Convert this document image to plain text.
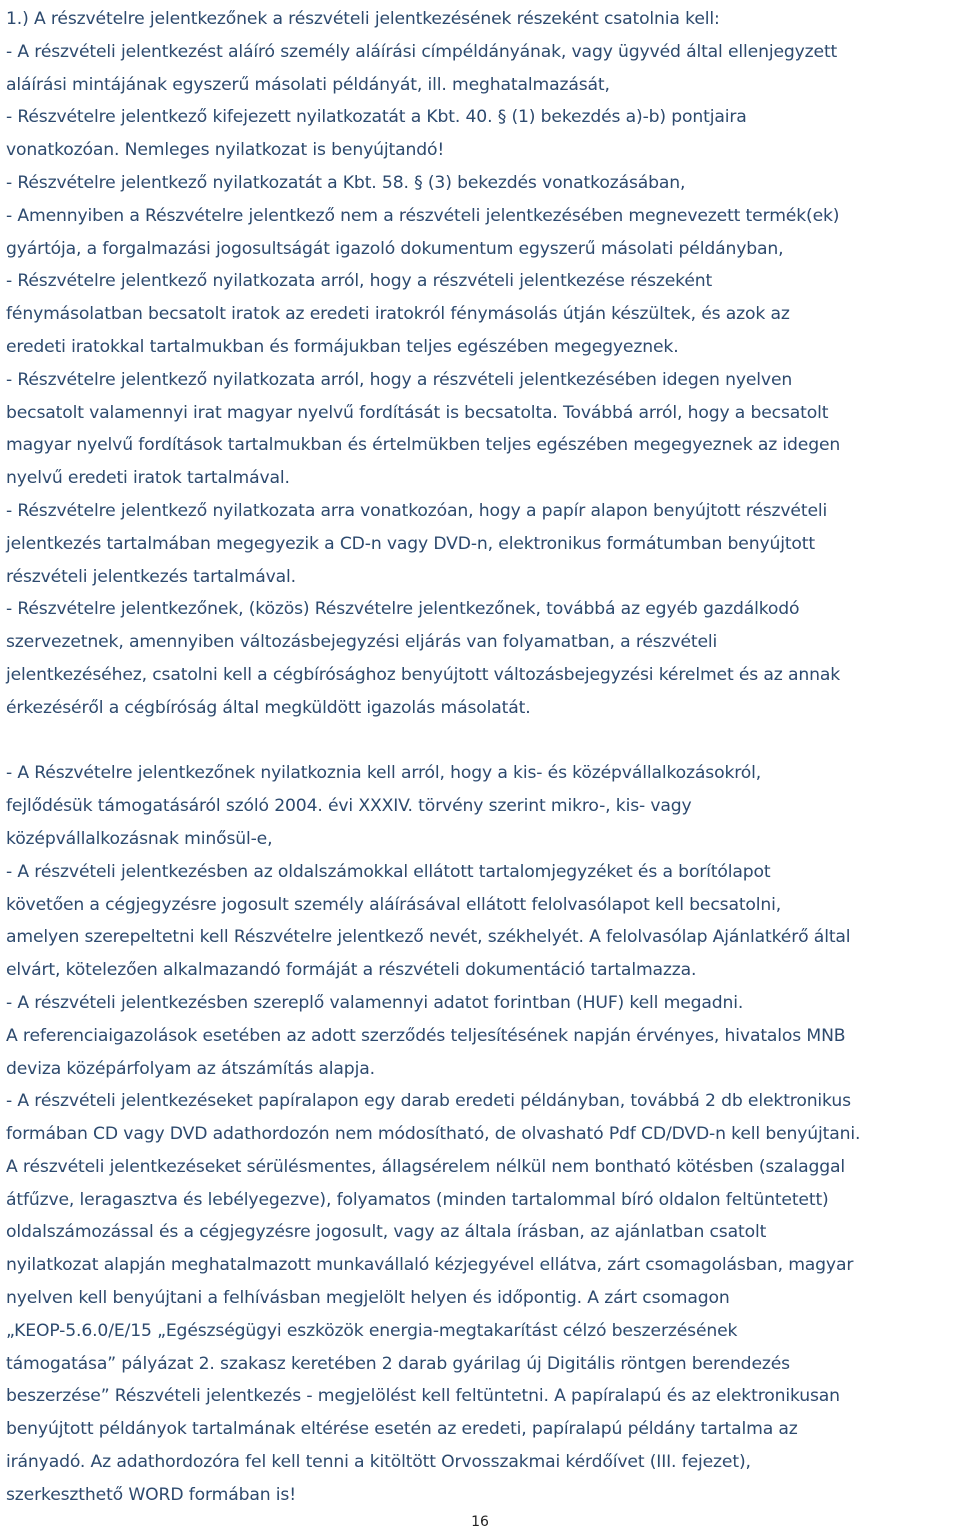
1.) A részvételre jelentkezőnek a részvételi jelentkezésének részeként csatolnia kell:
- A részvételi jelentkezést aláíró személy aláírási címpéldányának, vagy ügyvéd által ellenjegyzett
aláírási mintájának egyszerű másolati példányát, ill. meghatalmazását,
- Részvételre jelentkező kifejezett nyilatkozatát a Kbt. 40. § (1) bekezdés a)-b) pontjaira
vonatkozóan. Nemleges nyilatkozat is benyújtandó!
- Részvételre jelentkező nyilatkozatát a Kbt. 58. § (3) bekezdés vonatkozásában,
- Amennyiben a Részvételre jelentkező nem a részvételi jelentkezésében megnevezett termék(ek)
gyártója, a forgalmazási jogosultságát igazoló dokumentum egyszerű másolati példányban,
- Részvételre jelentkező nyilatkozata arról, hogy a részvételi jelentkezése részeként
fénymásolatban becsatolt iratok az eredeti iratokról fénymásolás útján készültek, és azok az
eredeti iratokkal tartalmukban és formájukban teljes egészében megegyeznek.
- Részvételre jelentkező nyilatkozata arról, hogy a részvételi jelentkezésében idegen nyelven
becsatolt valamennyi irat magyar nyelvű fordítását is becsatolta. Továbbá arról, hogy a becsatolt
magyar nyelvű fordítások tartalmukban és értelmükben teljes egészében megegyeznek az idegen
nyelvű eredeti iratok tartalmával.
- Részvételre jelentkező nyilatkozata arra vonatkozóan, hogy a papír alapon benyújtott részvételi
jelentkezés tartalmában megegyezik a CD-n vagy DVD-n, elektronikus formátumban benyújtott
részvételi jelentkezés tartalmával.
- Részvételre jelentkezőnek, (közös) Részvételre jelentkezőnek, továbbá az egyéb gazdálkodó
szervezetnek, amennyiben változásbejegyzési eljárás van folyamatban, a részvételi
jelentkezéséhez, csatolni kell a cégbírósághoz benyújtott változásbejegyzési kérelmet és az annak
érkezéséről a cégbíróság által megküldött igazolás másolatát.
- A Részvételre jelentkezőnek nyilatkoznia kell arról, hogy a kis- és középvállalkozásokról,
fejlődésük támogatásáról szóló 2004. évi XXXIV. törvény szerint mikro-, kis- vagy
középvállalkozásnak minősül-e,
- A részvételi jelentkezésben az oldalszámokkal ellátott tartalomjegyzéket és a borítólapot
követően a cégjegyzésre jogosult személy aláírásával ellátott felolvasólapot kell becsatolni,
amelyen szerepeltetni kell Részvételre jelentkező nevét, székhelyét. A felolvasólap Ajánlatkérő által
elvárt, kötelezően alkalmazandó formáját a részvételi dokumentáció tartalmazza.
- A részvételi jelentkezésben szereplő valamennyi adatot forintban (HUF) kell megadni.
A referenciaigazolások esetében az adott szerződés teljesítésének napján érvényes, hivatalos MNB
deviza középárfolyam az átszámítás alapja.
- A részvételi jelentkezéseket papíralapon egy darab eredeti példányban, továbbá 2 db elektronikus
formában CD vagy DVD adathordozón nem módosítható, de olvasható Pdf CD/DVD-n kell benyújtani.
A részvételi jelentkezéseket sérülésmentes, állagsérelem nélkül nem bontható kötésben (szalaggal
átfűzve, leragasztva és lebélyegezve), folyamatos (minden tartalommal bíró oldalon feltüntetett)
oldalszámozással és a cégjegyzésre jogosult, vagy az általa írásban, az ajánlatban csatolt
nyilatkozat alapján meghatalmazott munkavállaló kézjegyével ellátva, zárt csomagolásban, magyar
nyelven kell benyújtani a felhívásban megjelölt helyen és időpontig. A zárt csomagon
„KEOP-5.6.0/E/15 „Egészségügyi eszközök energia-megtakarítást célzó beszerzésének
támogatása” pályázat 2. szakasz keretében 2 darab gyárilag új Digitális röntgen berendezés
beszerzése” Részvételi jelentkezés - megjelölést kell feltüntetni. A papíralapú és az elektronikusan
benyújtott példányok tartalmának eltérése esetén az eredeti, papíralapú példány tartalma az
irányadó. Az adathordozóra fel kell tenni a kitöltött Orvosszakmai kérdőívet (III. fejezet),
szerkeszthető WORD formában is!
16
